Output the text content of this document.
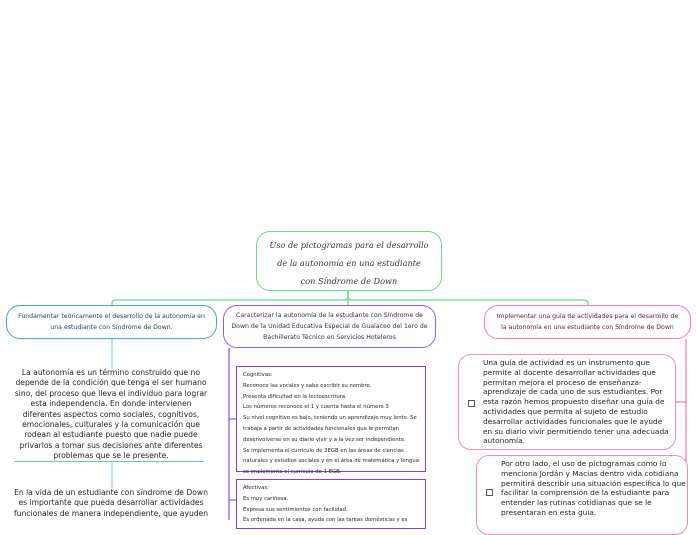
Uso de pictogramas para el desarrollo
de la autonomía en una estudiante
con Síndrome de Down
Fundamentar teóricamente el desarrollo de la autonomía en
una estudiante con Síndrome de Down.
Caracterizar la autonomía de la estudiante con Síndrome de
Down de la Unidad Educativa Especial de Gualaceo del 1ero de
Bachillerato Técnico en Servicios Hoteleros
Implementar una guía de actividades para el desarrollo de
la autonomía en una estudiante con Síndrome de Down
La autonomía es un término construido que no
depende de la condición que tenga el ser humano
sino, del proceso que lleva el individuo para lograr
esta independencia. En donde intervienen
diferentes aspectos como sociales, cognitivos,
emocionales, culturales y la comunicación que
rodean al estudiante puesto que nadie puede
privarlos a tomar sus decisiones ante diferentes
problemas que se le presente.
En la vida de un estudiante con síndrome de Down
es importante que pueda desarrollar actividades
funcionales de manera independiente, que ayuden
Cognitivas:
Reconoce las vocales y sabe escribir su nombre.
Presenta dificultad en la lectoescritura.
Los números reconoce el 1 y cuenta hasta el número 3
Su nivel cognitivo es bajo, teniendo un aprendizaje muy lento. Se
trabaja a partir de actividades funcionales que le permitan
desenvolverse en su diario vivir y a la vez ser independiente.
Se implementa el currículo de 3EGB en las áreas de ciencias
naturales y estudios sociales y en el área de matemática y lengua
se implementa el currículo de 1 EGB.
Afectivas:
Es muy cariñosa.
Expresa sus sentimientos con facilidad.
Es ordenada en la casa, ayuda con las tareas domésticas y es
Una guía de actividad es un instrumento que
permite al docente desarrollar actividades que
permitan mejora el proceso de enseñanza-
aprendizaje de cada uno de sus estudiantes. Por
esta razón hemos propuesto diseñar una guía de
actividades que permita al sujeto de estudio
desarrollar actividades funcionales que le ayude
en su diario vivir permitiendo tener una adecuada
autonomía.
Por otro lado, el uso de pictogramas como lo
menciona Jordán y Macías dentro vida cotidiana
permitirá describir una situación específica lo que
facilitar la comprensión de la estudiante para
entender las rutinas cotidianas que se le
presentaran en esta guía.
